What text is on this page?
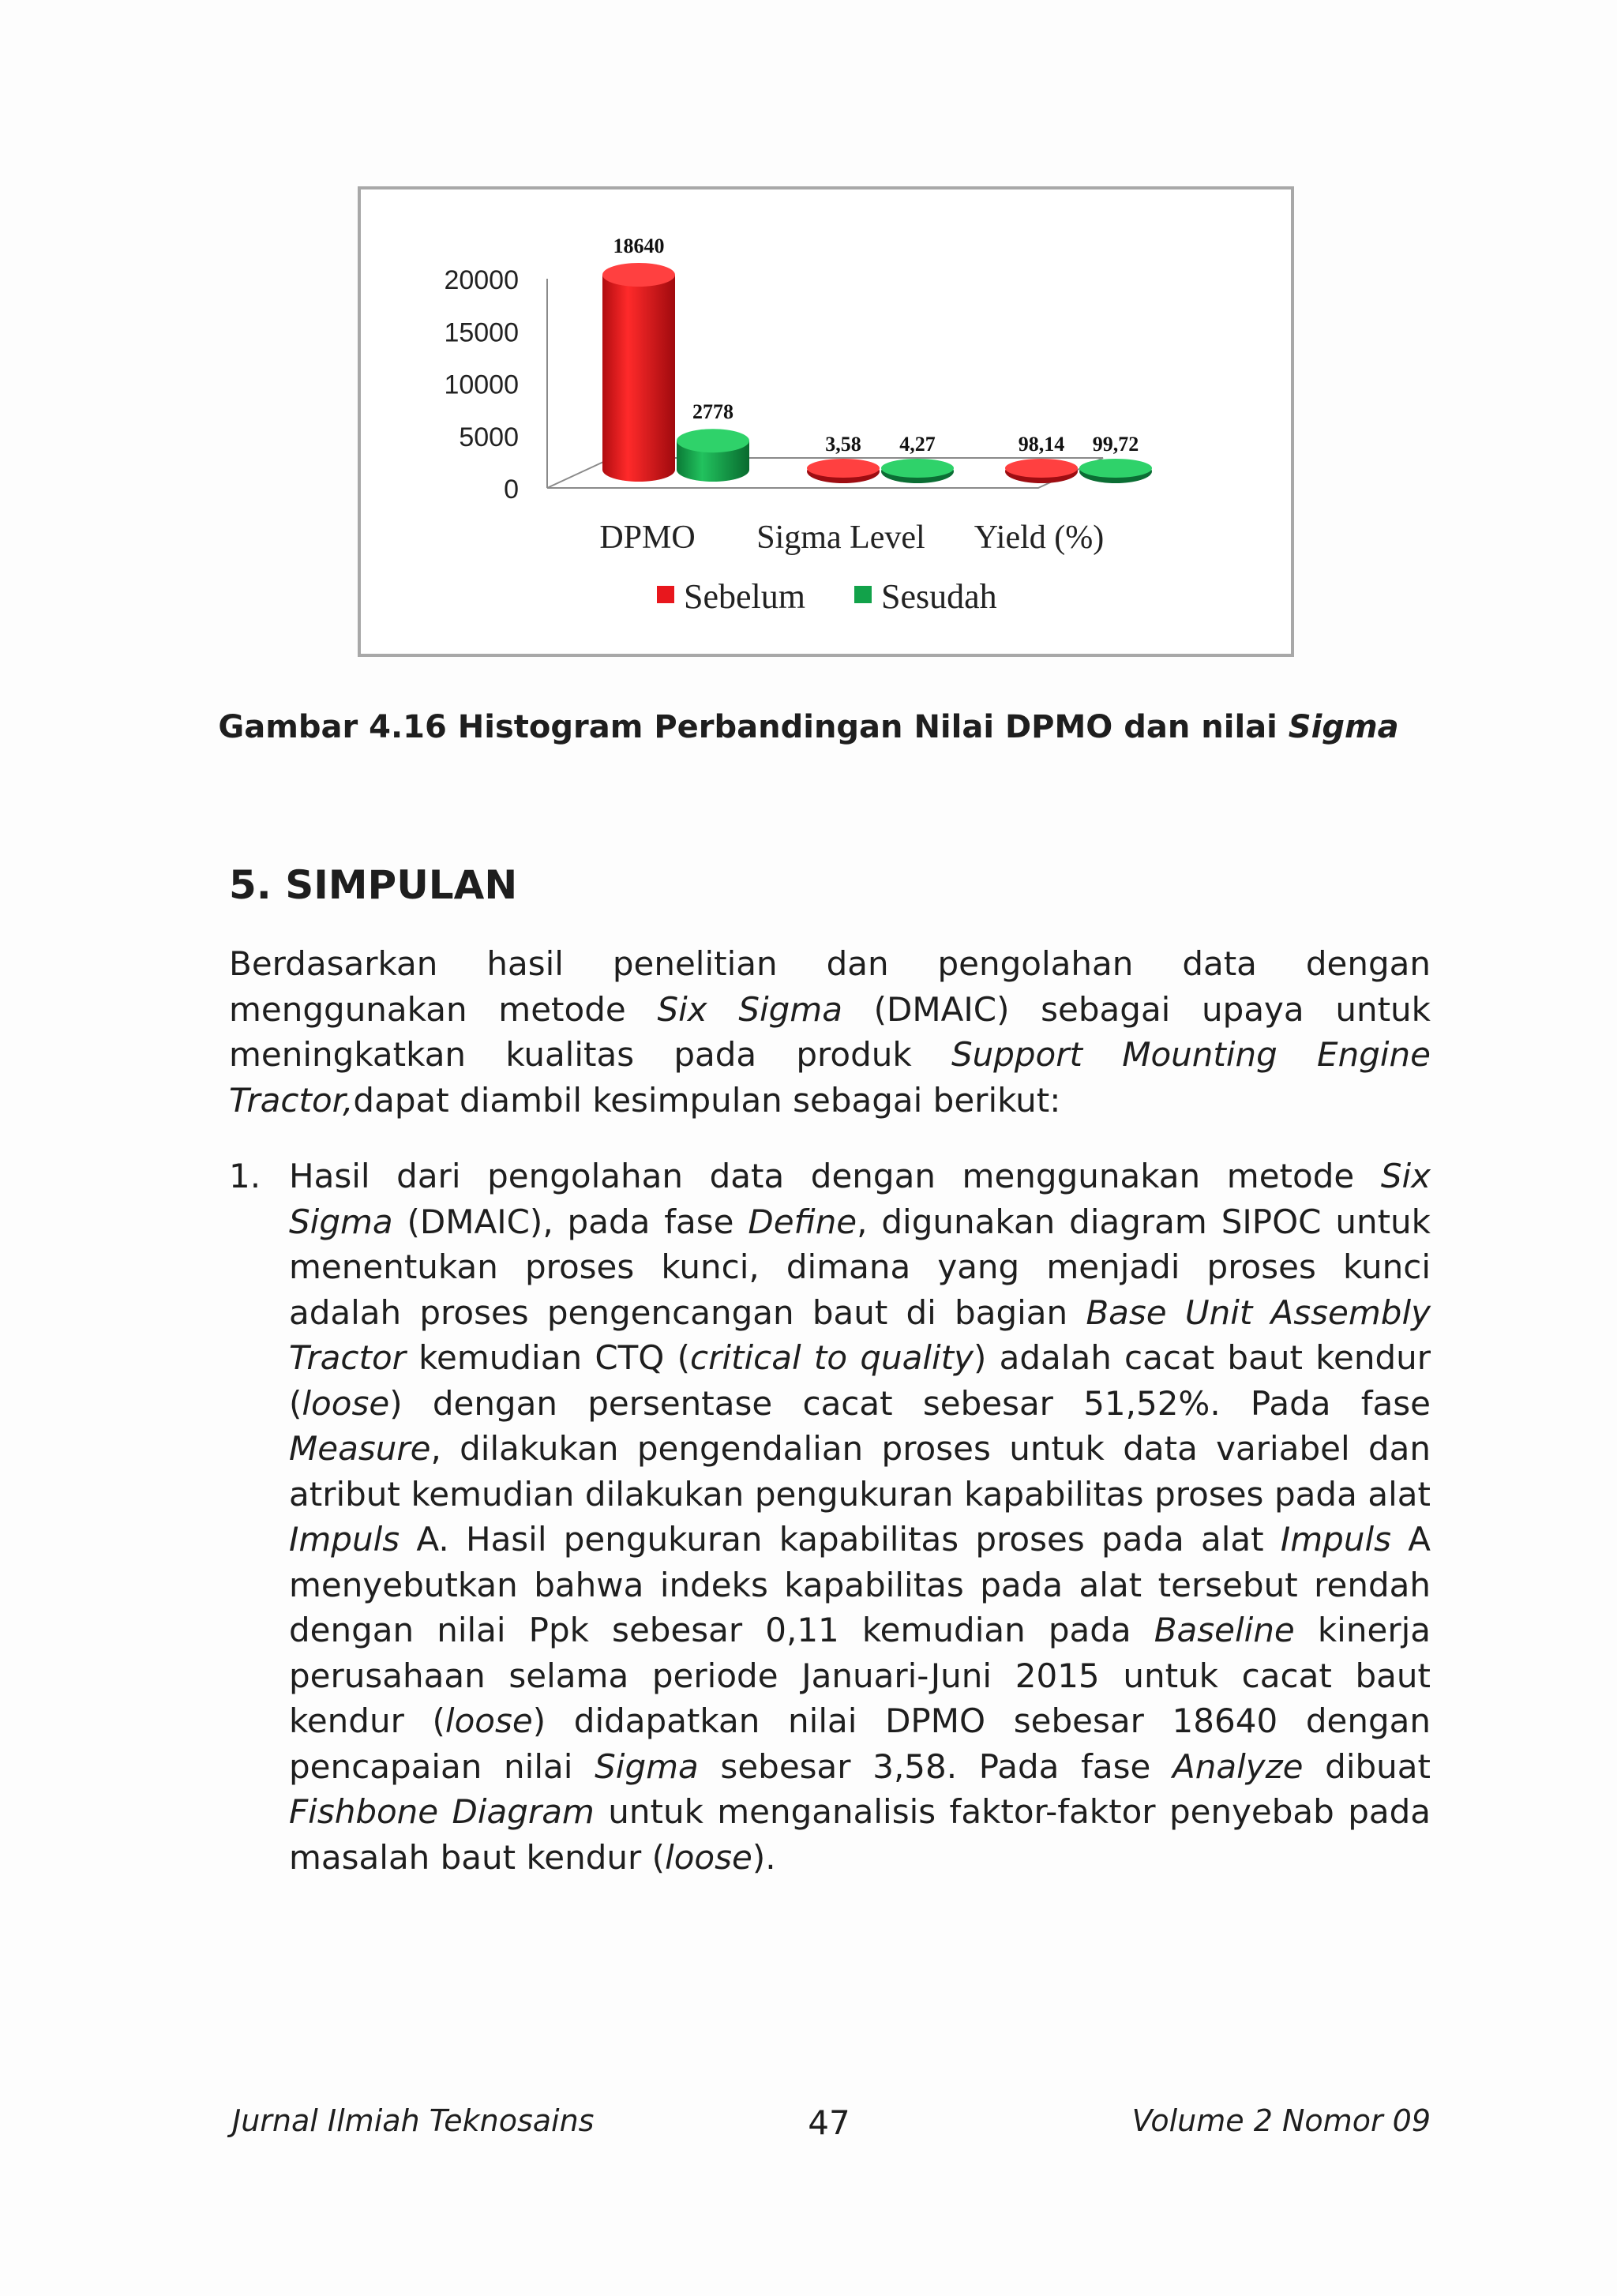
20000
15000
10000
5000
0
18640
3,58	98,14
2778
4,27	99,72
DPMO Sigma Level Yield (%)
Sebelum Sesudah
Gambar 4.16 Histogram Perbandingan Nilai DPMO dan nilai Sigma
5. SIMPULAN
Berdasarkan hasil penelitian dan pengolahan data dengan menggunakan metode Six Sigma (DMAIC) sebagai upaya untuk meningkatkan kualitas pada produk Support Mounting Engine Tractor,dapat diambil kesimpulan sebagai berikut:
1. Hasil dari pengolahan data dengan menggunakan metode Six Sigma (DMAIC), pada fase Define, digunakan diagram SIPOC untuk menentukan proses kunci, dimana yang menjadi proses kunci adalah proses pengencangan baut di bagian Base Unit Assembly Tractor kemudian CTQ (critical to quality) adalah cacat baut kendur (loose) dengan persentase cacat sebesar 51,52%. Pada fase Measure, dilakukan pengendalian proses untuk data variabel dan atribut kemudian dilakukan pengukuran kapabilitas proses pada alat Impuls A. Hasil pengukuran kapabilitas proses pada alat Impuls A menyebutkan bahwa indeks kapabilitas pada alat tersebut rendah dengan nilai Ppk sebesar 0,11 kemudian pada Baseline kinerja perusahaan selama periode Januari-Juni 2015 untuk cacat baut kendur (loose) didapatkan nilai DPMO sebesar 18640 dengan pencapaian nilai Sigma sebesar 3,58. Pada fase Analyze dibuat Fishbone Diagram untuk menganalisis faktor-faktor penyebab pada masalah baut kendur (loose).
Jurnal Ilmiah Teknosains	47	Volume 2 Nomor 09
